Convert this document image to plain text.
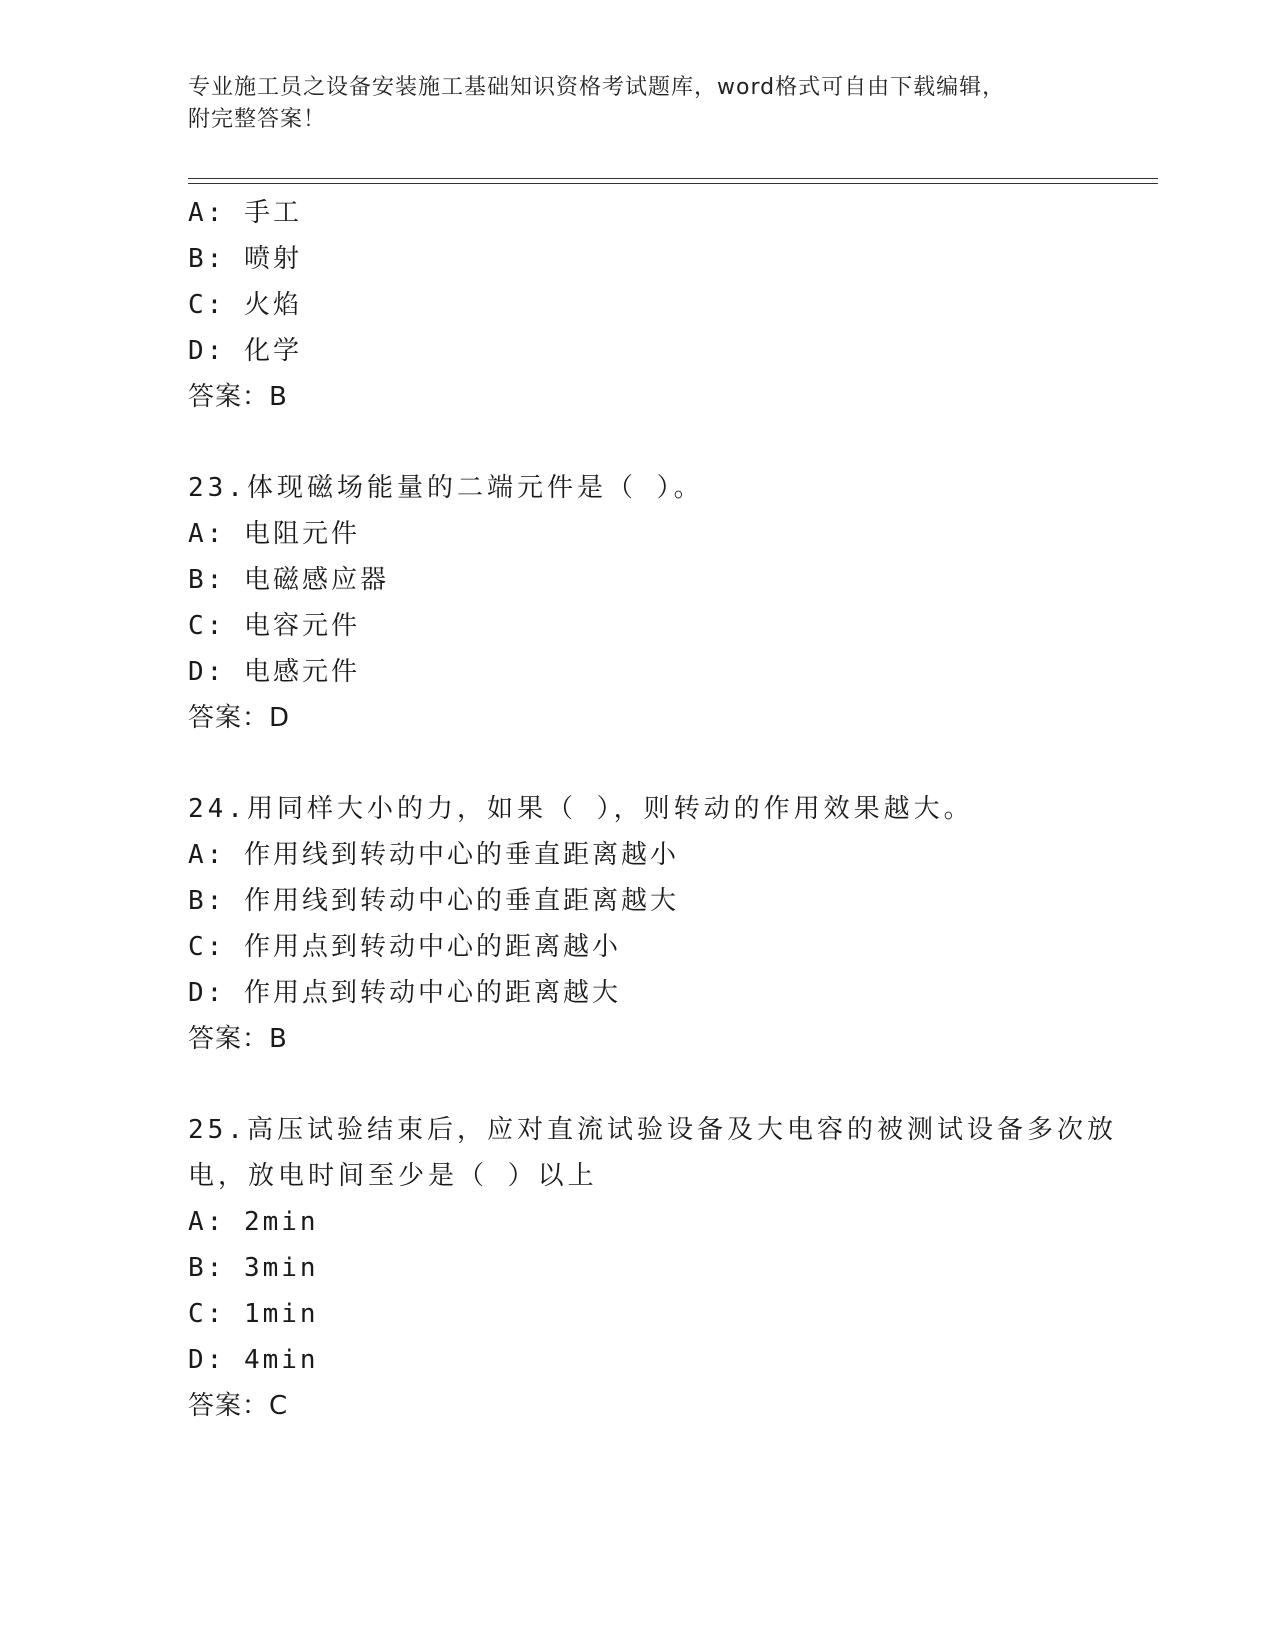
专业施工员之设备安装施工基础知识资格考试题库，word格式可自由下载编辑，
附完整答案！
A: 手工
B: 喷射
C: 火焰
D: 化学
答案：B
23.体现磁场能量的二端元件是（ ）。
A: 电阻元件
B: 电磁感应器
C: 电容元件
D: 电感元件
答案：D
24.用同样大小的力，如果（ ），则转动的作用效果越大。
A: 作用线到转动中心的垂直距离越小
B: 作用线到转动中心的垂直距离越大
C: 作用点到转动中心的距离越小
D: 作用点到转动中心的距离越大
答案：B
25.高压试验结束后，应对直流试验设备及大电容的被测试设备多次放电，放电时间至少是（ ）以上
A: 2min
B: 3min
C: 1min
D: 4min
答案：C
